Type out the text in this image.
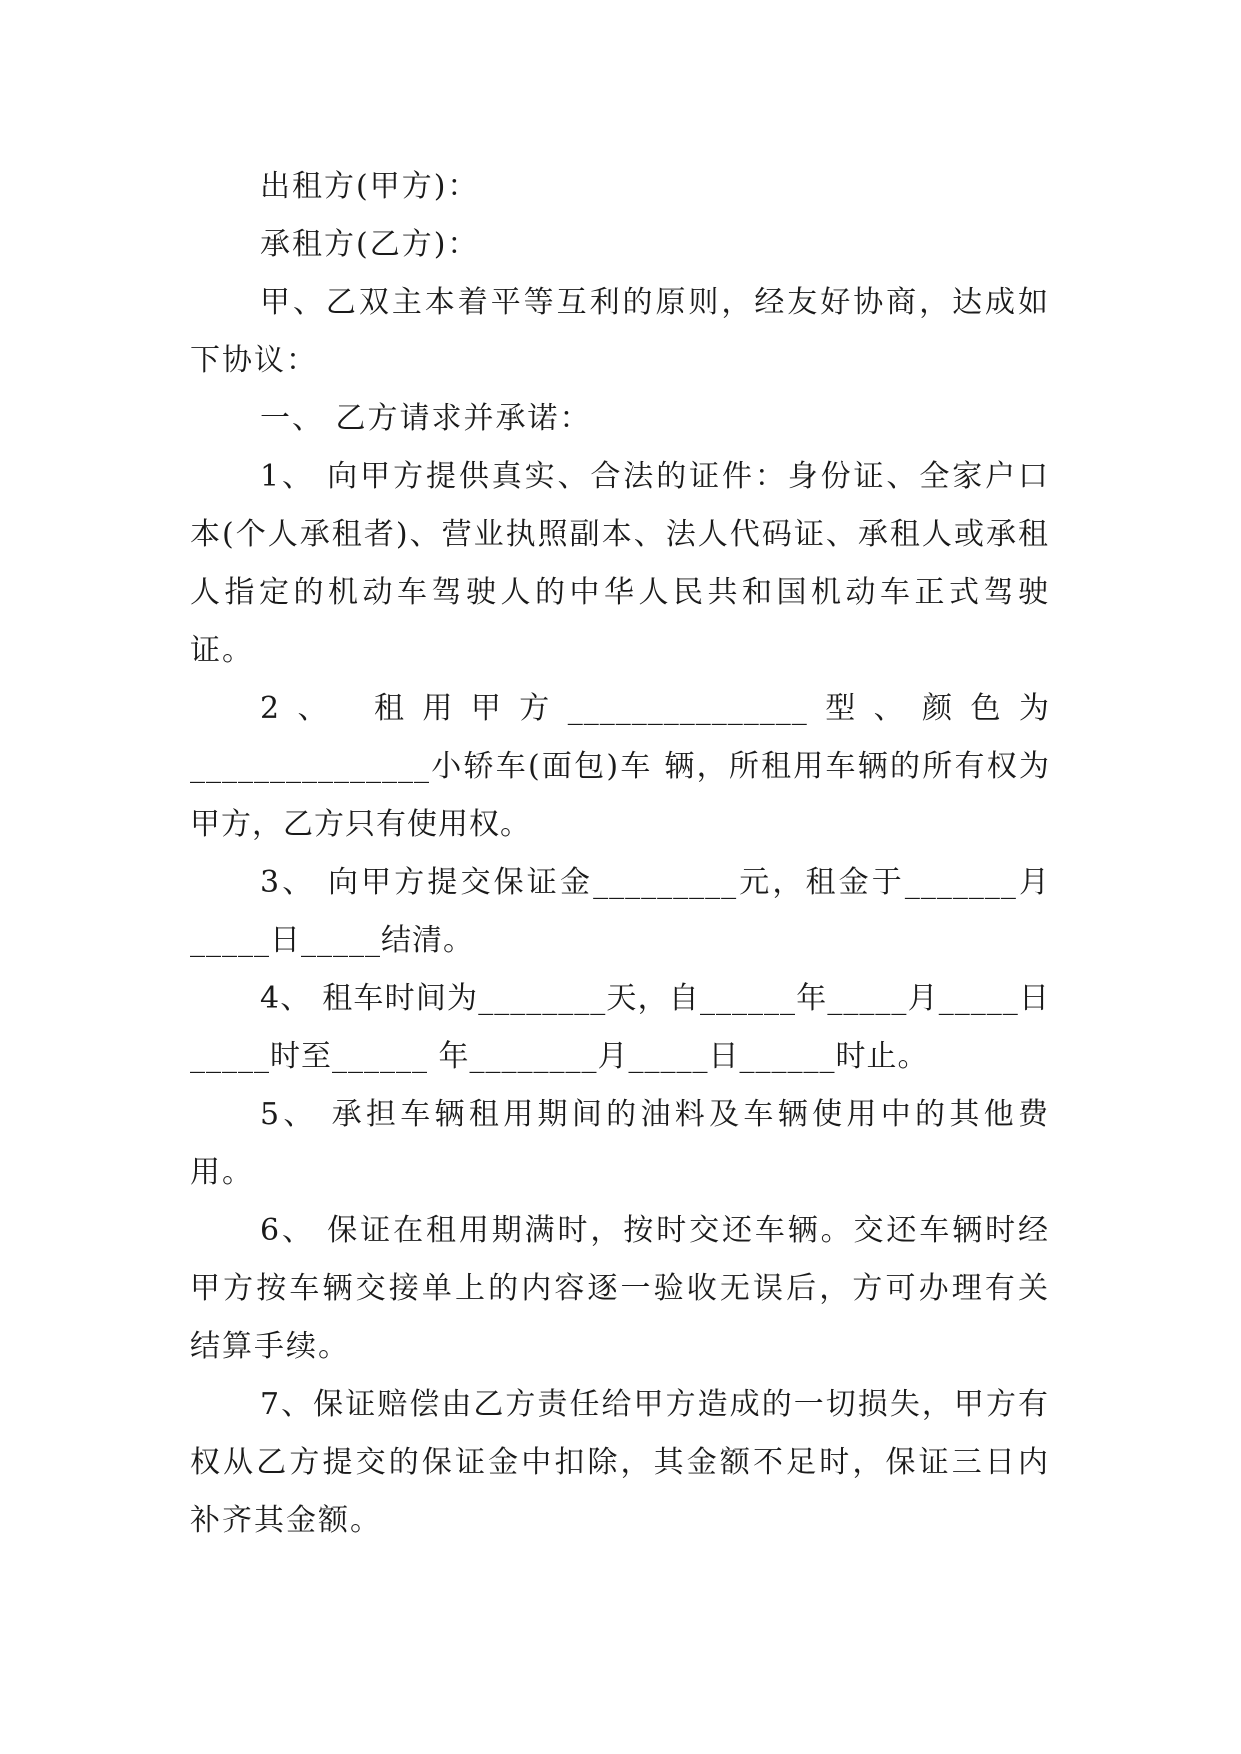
出租方(甲方)：

承租方(乙方)：

甲、乙双主本着平等互利的原则，经友好协商，达成如下协议：

一、 乙方请求并承诺：

1、 向甲方提供真实、合法的证件：身份证、全家户口本(个人承租者)、营业执照副本、法人代码证、承租人或承租人指定的机动车驾驶人的中华人民共和国机动车正式驾驶证。

2、 租用甲方_______________型、颜色为_______________小轿车(面包)车 辆，所租用车辆的所有权为甲方，乙方只有使用权。

3、 向甲方提交保证金_________元，租金于_______月_____日_____结清。

4、 租车时间为________天，自______年_____月_____日_____时至______ 年________月_____日______时止。

5、 承担车辆租用期间的油料及车辆使用中的其他费用。

6、 保证在租用期满时，按时交还车辆。交还车辆时经甲方按车辆交接单上的内容逐一验收无误后，方可办理有关结算手续。

7、保证赔偿由乙方责任给甲方造成的一切损失，甲方有权从乙方提交的保证金中扣除，其金额不足时，保证三日内补齐其金额。
